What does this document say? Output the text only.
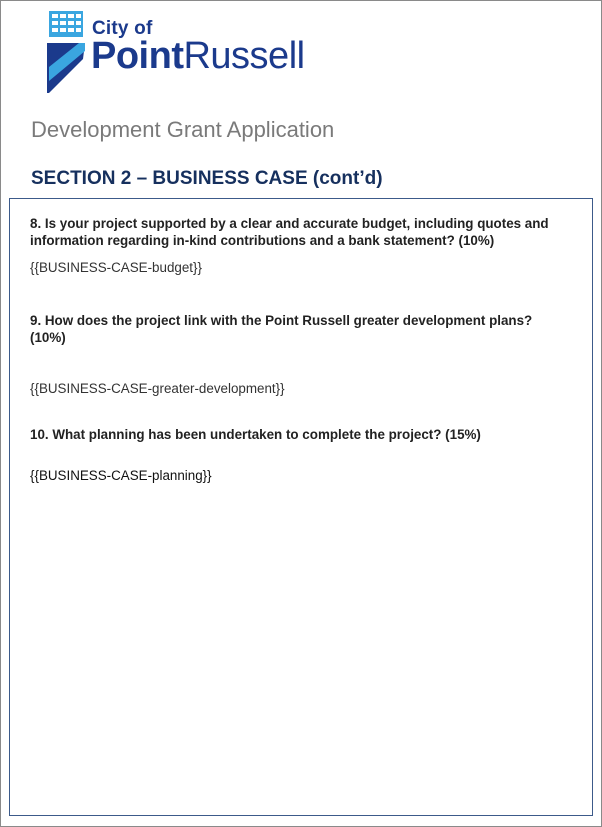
City of
PointRussell
Development Grant Application
SECTION 2 – BUSINESS CASE (cont’d)
8. Is your project supported by a clear and accurate budget, including quotes and information regarding in-kind contributions and a bank statement? (10%)
{{BUSINESS-CASE-budget}}
9. How does the project link with the Point Russell greater development plans? (10%)
{{BUSINESS-CASE-greater-development}}
10. What planning has been undertaken to complete the project? (15%)
{{BUSINESS-CASE-planning}}
